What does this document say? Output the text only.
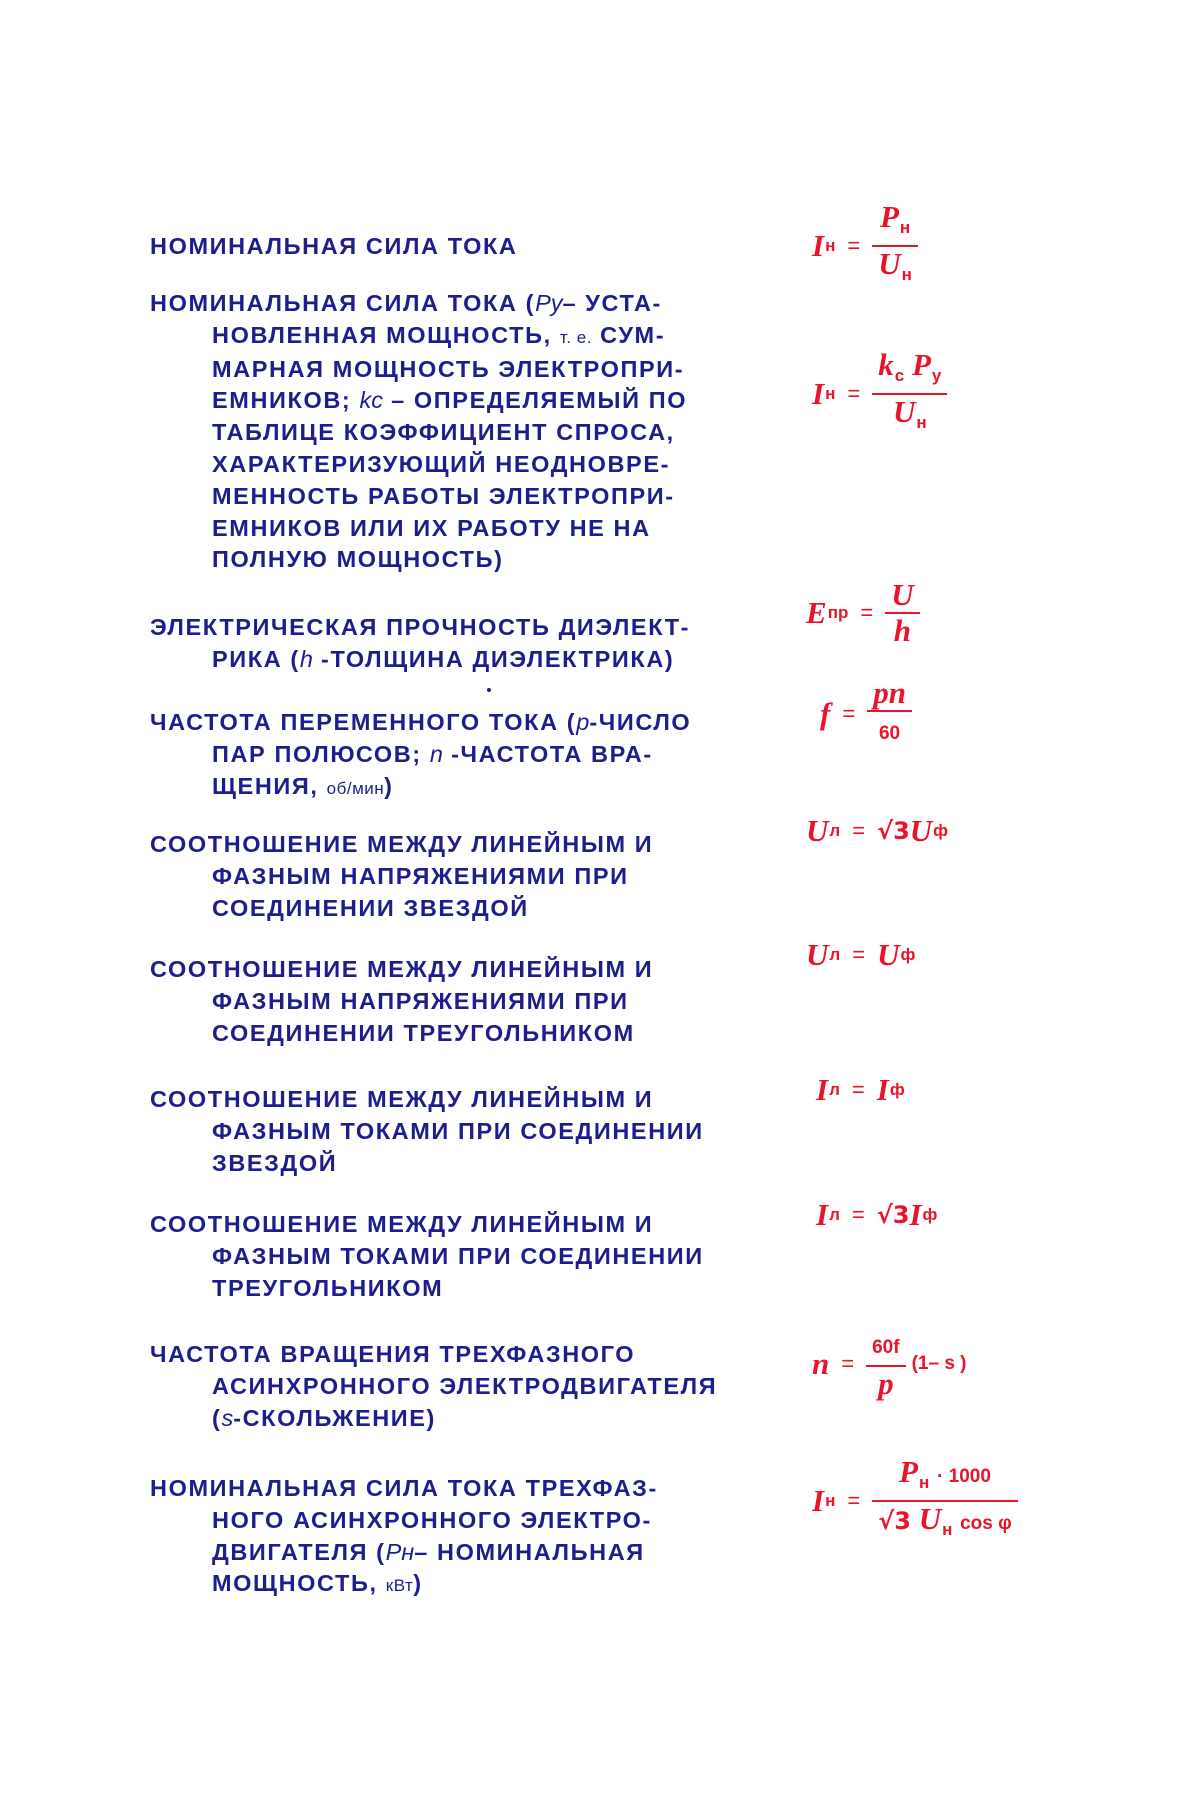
НОМИНАЛЬНАЯ СИЛА ТОКА	I $н = \frac{P_н}{U_н}$
НОМИНАЛЬНАЯ СИЛА ТОКА (Py– УСТА-
НОВЛЕННАЯ МОЩНОСТЬ, т. е. СУМ-
МАРНАЯ МОЩНОСТЬ ЭЛЕКТРОПРИ-
ЕМНИКОВ; kc – ОПРЕДЕЛЯЕМЫЙ ПО
ТАБЛИЦЕ КОЭФФИЦИЕНТ СПРОСА,
ХАРАКТЕРИЗУЮЩИЙ НЕОДНОВРЕ-
МЕННОСТЬ РАБОТЫ ЭЛЕКТРОПРИ-
ЕМНИКОВ ИЛИ ИХ РАБОТУ НЕ НА
ПОЛНУЮ МОЩНОСТЬ)
I $н = \frac{k_c P_y}{U_н}$
ЭЛЕКТРИЧЕСКАЯ ПРОЧНОСТЬ ДИЭЛЕКТ-
РИКА (h -ТОЛЩИНА ДИЭЛЕКТРИКА)
E пр = $\frac{U}{h}$
ЧАСТОТА ПЕРЕМЕННОГО ТОКА (p-ЧИСЛО
ПАР ПОЛЮСОВ; n -ЧАСТОТА ВРА-
ЩЕНИЯ, об/мин)
$f = \frac{pn}{60}$
СООТНОШЕНИЕ МЕЖДУ ЛИНЕЙНЫМ И
ФАЗНЫМ НАПРЯЖЕНИЯМИ ПРИ
СОЕДИНЕНИИ ЗВЕЗДОЙ
U л = √3 U ф
СООТНОШЕНИЕ МЕЖДУ ЛИНЕЙНЫМ И
ФАЗНЫМ НАПРЯЖЕНИЯМИ ПРИ
СОЕДИНЕНИИ ТРЕУГОЛЬНИКОМ
U л = U ф
СООТНОШЕНИЕ МЕЖДУ ЛИНЕЙНЫМ И
ФАЗНЫМ ТОКАМИ ПРИ СОЕДИНЕНИИ
ЗВЕЗДОЙ
I л = I ф
СООТНОШЕНИЕ МЕЖДУ ЛИНЕЙНЫМ И
ФАЗНЫМ ТОКАМИ ПРИ СОЕДИНЕНИИ
ТРЕУГОЛЬНИКОМ
I л = √3 I ф
ЧАСТОТА ВРАЩЕНИЯ ТРЕХФАЗНОГО
АСИНХРОННОГО ЭЛЕКТРОДВИГАТЕЛЯ
(s-СКОЛЬЖЕНИЕ)
$n = \frac{60f}{p} (1-$ s )
НОМИНАЛЬНАЯ СИЛА ТОКА ТРЕХФАЗ-
НОГО АСИНХРОННОГО ЭЛЕКТРО-
ДВИГАТЕЛЯ (Pн– НОМИНАЛЬНАЯ
МОЩНОСТЬ, кВт)
I $н = \frac{P_н \cdot 1000}{√3 U_н \cos \varphi}$
